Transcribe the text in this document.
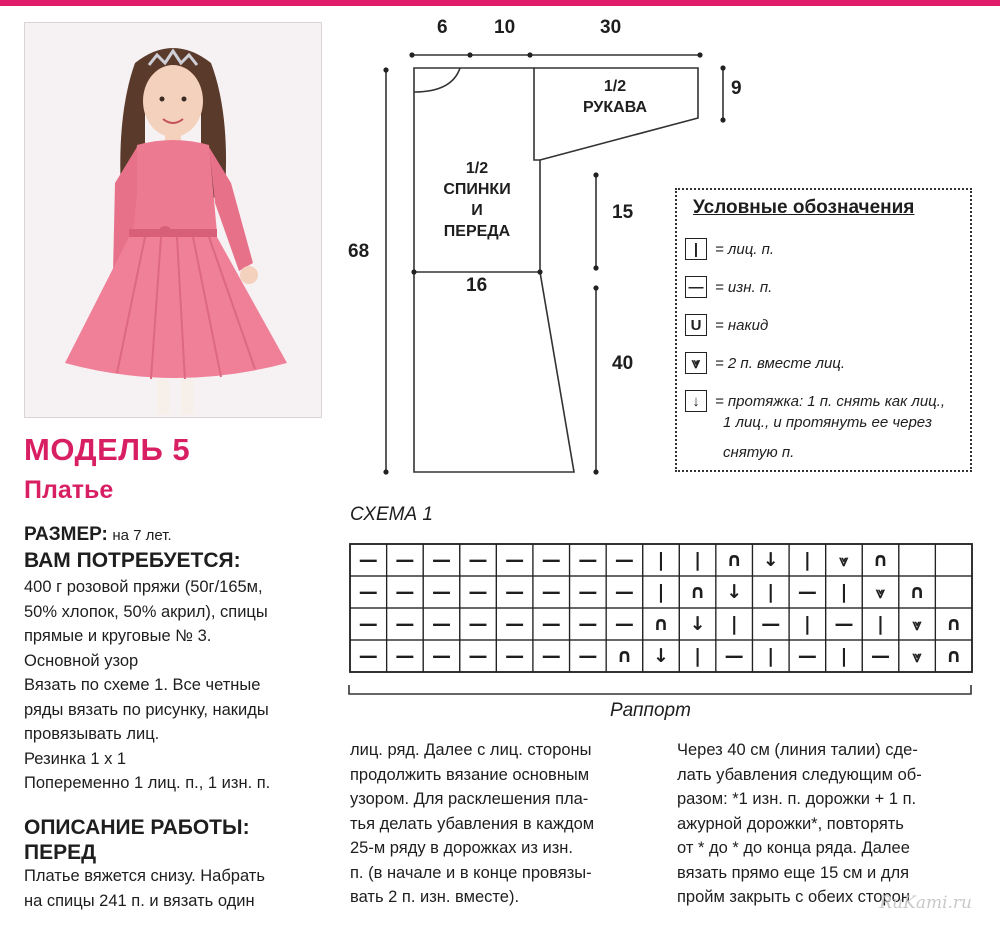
МОДЕЛЬ 5
Платье
РАЗМЕР: на 7 лет.
ВАМ ПОТРЕБУЕТСЯ:
400 г розовой пряжи (50г/165м,
50% хлопок, 50% акрил), спицы
прямые и круговые № 3.
Основной узор
Вязать по схеме 1. Все четные
ряды вязать по рисунку, накиды
провязывать лиц.
Резинка 1 х 1
Попеременно 1 лиц. п., 1 изн. п.
ОПИСАНИЕ РАБОТЫ:
ПЕРЕД
Платье вяжется снизу. Набрать
на спицы 241 п. и вязать один
6 10	30
9
68
15
40
16
1/2
РУКАВА
1/2
СПИНКИ
И
ПЕРЕДА
Условные обозначения
|	= лиц. п.
— = изн. п.
U = накид
⩔ = 2 п. вместе лиц.
↓	= протяжка: 1 п. снять как лиц.,
1 лиц., и протянуть ее через
снятую п.
СХЕМА 1
— — — — — — — — | | ∩ ↓ | ⩔ ∩
— — — — — — — — | ∩ ↓ | — | ⩔ ∩
— — — — — — — — ∩ ↓ | — | — | ⩔ ∩
— — — — — — — ∩ ↓ | — | — | — ⩔ ∩
Раппорт
лиц. ряд. Далее с лиц. стороны
продолжить вязание основным
узором. Для расклешения пла-
тья делать убавления в каждом
25-м ряду в дорожках из изн.
п. (в начале и в конце провязы-
вать 2 п. изн. вместе).
Через 40 см (линия талии) сде-
лать убавления следующим об-
разом: *1 изн. п. дорожки + 1 п.
ажурной дорожки*, повторять
от * до * до конца ряда. Далее
вязать прямо еще 15 см и для
пройм закрыть с обеих сторон
RuKami.ru
